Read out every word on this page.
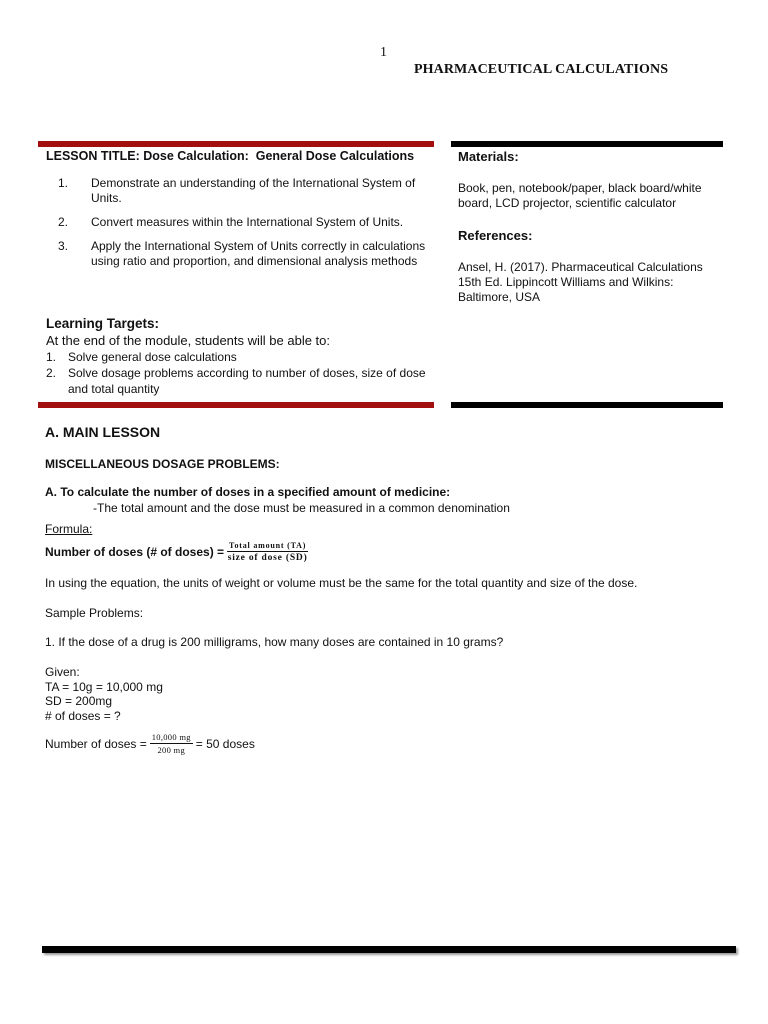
1
PHARMACEUTICAL CALCULATIONS
LESSON TITLE: Dose Calculation:  General Dose Calculations
1.	Demonstrate an understanding of the International System of Units.
2.	Convert measures within the International System of Units.
3.	Apply the International System of Units correctly in calculations using ratio and proportion, and dimensional analysis methods
Learning Targets:
At the end of the module, students will be able to:
1. Solve general dose calculations
2. Solve dosage problems according to number of doses, size of dose and total quantity
Materials:
Book, pen, notebook/paper, black board/white board, LCD projector, scientific calculator
References:
Ansel, H. (2017). Pharmaceutical Calculations
15th Ed. Lippincott Williams and Wilkins:
Baltimore, USA
A. MAIN LESSON
MISCELLANEOUS DOSAGE PROBLEMS:
A. To calculate the number of doses in a specified amount of medicine:
-The total amount and the dose must be measured in a common denomination
Formula:
Number of doses (# of doses) = $\frac{\text{Total amount (TA)}}{\text{size of dose (SD)}}$
In using the equation, the units of weight or volume must be the same for the total quantity and size of the dose.
Sample Problems:
1. If the dose of a drug is 200 milligrams, how many doses are contained in 10 grams?
Given:
TA = 10g = 10,000 mg
SD = 200mg
# of doses = ?
Number of doses = $\frac{10,000 mg}{200 mg} = 50$ doses
